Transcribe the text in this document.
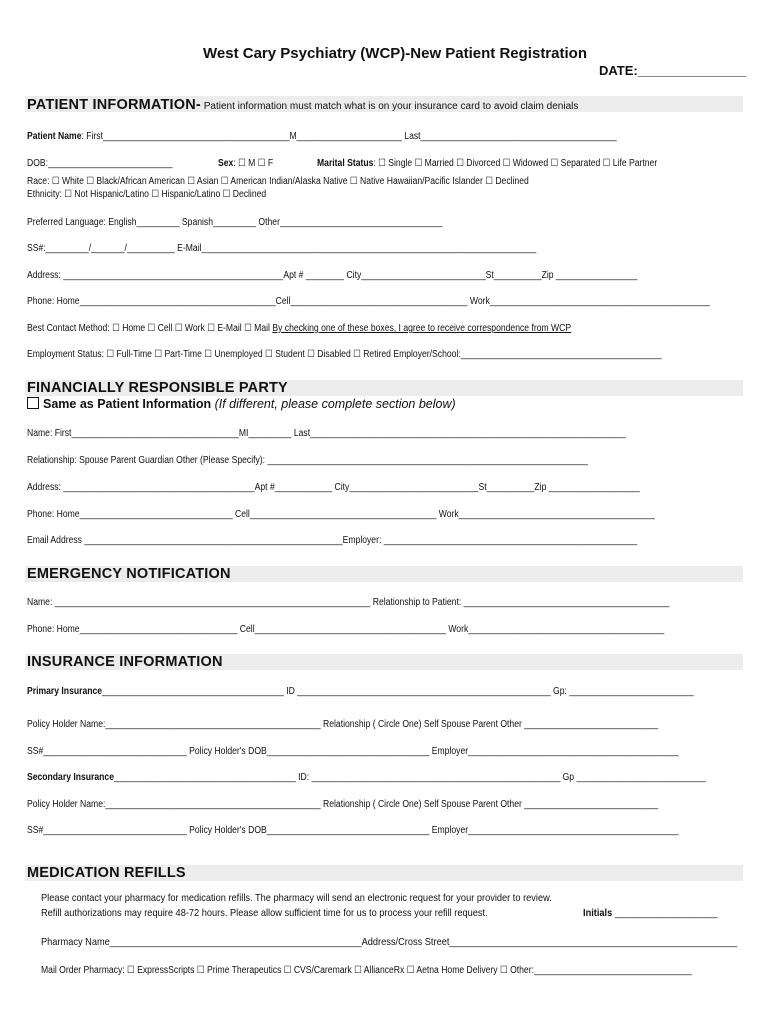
West Cary Psychiatry (WCP)-New Patient Registration
DATE:_______________
PATIENT INFORMATION- Patient information must match what is on your insurance card to avoid claim denials
Patient Name: First_______________________________________M______________________ Last_________________________________________
DOB:__________________________	Sex: ☐ M ☐ F	Marital Status: ☐ Single ☐ Married ☐ Divorced ☐ Widowed ☐ Separated ☐ Life Partner
Race: ☐ White ☐ Black/African American ☐ Asian ☐ American Indian/Alaska Native ☐ Native Hawaiian/Pacific Islander ☐ Declined
Ethnicity: ☐ Not Hispanic/Latino ☐ Hispanic/Latino ☐ Declined
Preferred Language: English_________ Spanish_________ Other__________________________________
SS#:_________/_______/__________ E-Mail______________________________________________________________________
Address: ______________________________________________Apt # ________ City__________________________St__________Zip _________________
Phone: Home_________________________________________Cell_____________________________________ Work______________________________________________
Best Contact Method: ☐ Home ☐ Cell ☐ Work ☐ E-Mail ☐ Mail By checking one of these boxes, I agree to receive correspondence from WCP
Employment Status: ☐ Full-Time ☐ Part-Time ☐ Unemployed ☐ Student ☐ Disabled ☐ Retired Employer/School:__________________________________________
FINANCIALLY RESPONSIBLE PARTY
Same as Patient Information (If different, please complete section below)
Name: First___________________________________MI_________ Last__________________________________________________________________
Relationship: Spouse Parent Guardian Other (Please Specify): ___________________________________________________________________
Address: ________________________________________Apt #____________ City___________________________St__________Zip ___________________
Phone: Home________________________________ Cell_______________________________________ Work_________________________________________
Email Address ______________________________________________________Employer: _____________________________________________________
EMERGENCY NOTIFICATION
Name: __________________________________________________________________ Relationship to Patient: ___________________________________________
Phone: Home_________________________________ Cell________________________________________ Work_________________________________________
INSURANCE INFORMATION
Primary Insurance______________________________________ ID _____________________________________________________ Gp: __________________________
Policy Holder Name:_____________________________________________ Relationship ( Circle One) Self Spouse Parent Other ____________________________
SS#______________________________ Policy Holder's DOB__________________________________ Employer____________________________________________
Secondary Insurance______________________________________ ID: ____________________________________________________ Gp ___________________________
Policy Holder Name:_____________________________________________ Relationship ( Circle One) Self Spouse Parent Other ____________________________
SS#______________________________ Policy Holder's DOB__________________________________ Employer____________________________________________
MEDICATION REFILLS
Please contact your pharmacy for medication refills. The pharmacy will send an electronic request for your provider to review.
Refill authorizations may require 48-72 hours. Please allow sufficient time for us to process your refill request.	Initials ____________________
Pharmacy Name_________________________________________________Address/Cross Street________________________________________________________
Mail Order Pharmacy: ☐ ExpressScripts ☐ Prime Therapeutics ☐ CVS/Caremark ☐ AllianceRx ☐ Aetna Home Delivery ☐ Other:_________________________________
